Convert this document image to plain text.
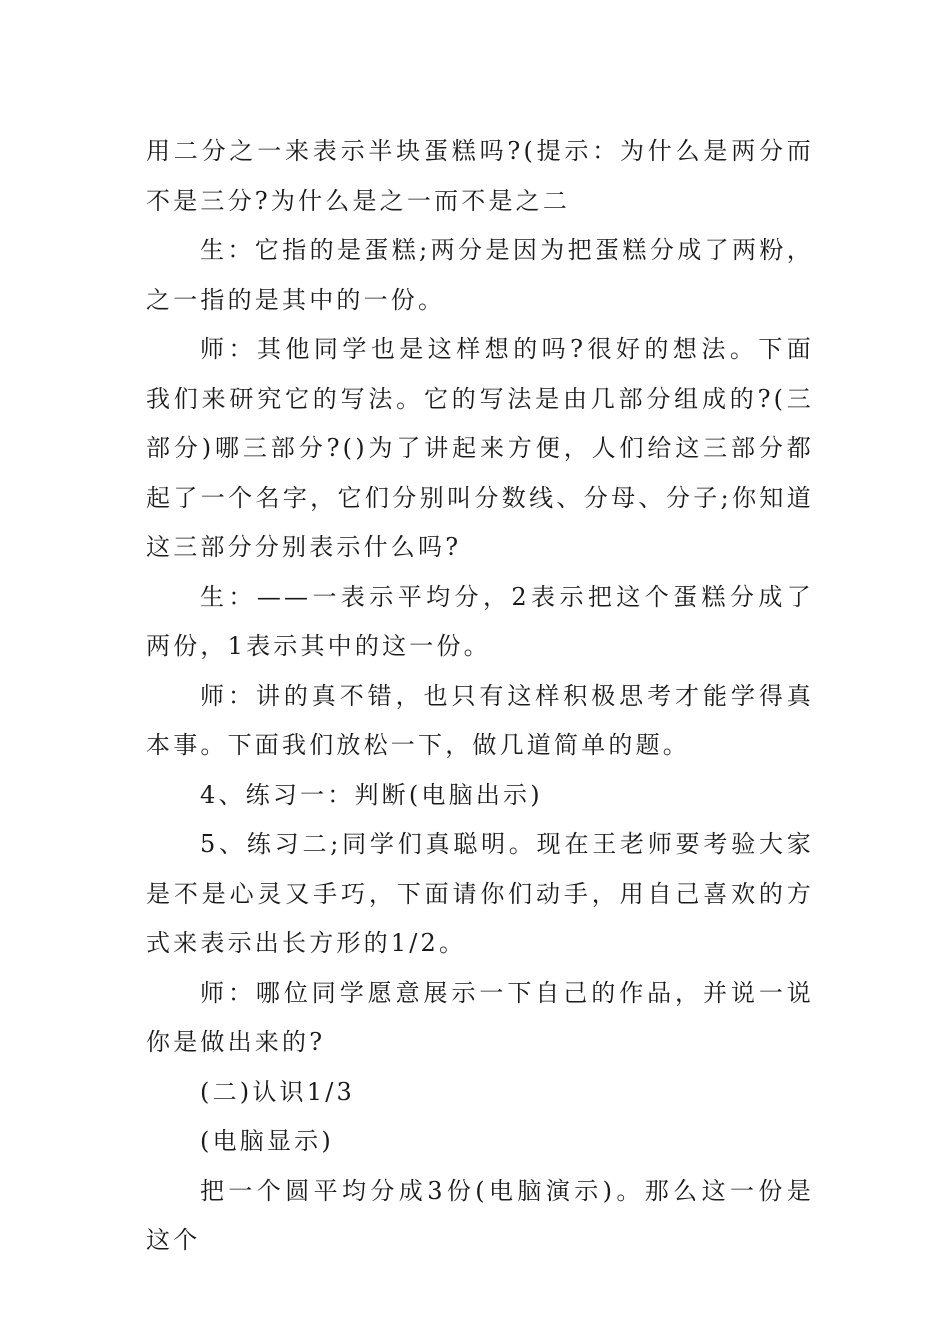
用二分之一来表示半块蛋糕吗?(提示：为什么是两分而不是三分?为什么是之一而不是之二

生：它指的是蛋糕;两分是因为把蛋糕分成了两粉，之一指的是其中的一份。

师：其他同学也是这样想的吗?很好的想法。下面我们来研究它的写法。它的写法是由几部分组成的?(三部分)哪三部分?()为了讲起来方便，人们给这三部分都起了一个名字，它们分别叫分数线、分母、分子;你知道这三部分分别表示什么吗?

生：——一表示平均分，2表示把这个蛋糕分成了两份，1表示其中的这一份。

师：讲的真不错，也只有这样积极思考才能学得真本事。下面我们放松一下，做几道简单的题。

4、练习一：判断(电脑出示)

5、练习二;同学们真聪明。现在王老师要考验大家是不是心灵又手巧，下面请你们动手，用自己喜欢的方式来表示出长方形的1/2。

师：哪位同学愿意展示一下自己的作品，并说一说你是做出来的?

(二)认识1/3

(电脑显示)

把一个圆平均分成3份(电脑演示)。那么这一份是这个
